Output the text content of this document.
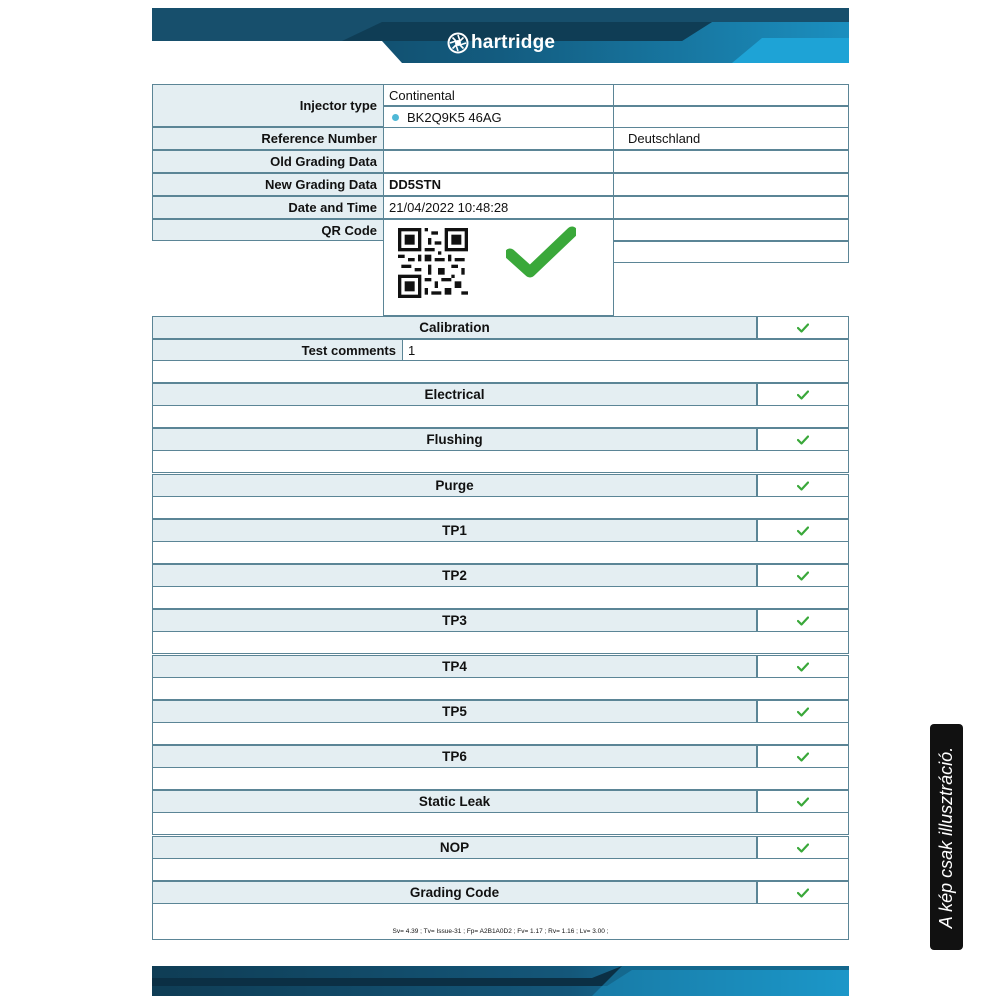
hartridge
Injector type
Reference Number
Old Grading Data
New Grading Data
Date and Time
QR Code
Continental
BK2Q9K5 46AG
DD5STN
21/04/2022 10:48:28
Deutschland
Calibration
Test comments 1
Electrical
Flushing
Purge
TP1
TP2
TP3
TP4
TP5
TP6
Static Leak
NOP
Grading Code
Sv= 4.39 ; Tv= Issue-31 ; Fp= A2B1A0D2 ; Fv= 1.17 ; Rv= 1.16 ; Lv= 3.00 ;
A kép csak illusztráció.
